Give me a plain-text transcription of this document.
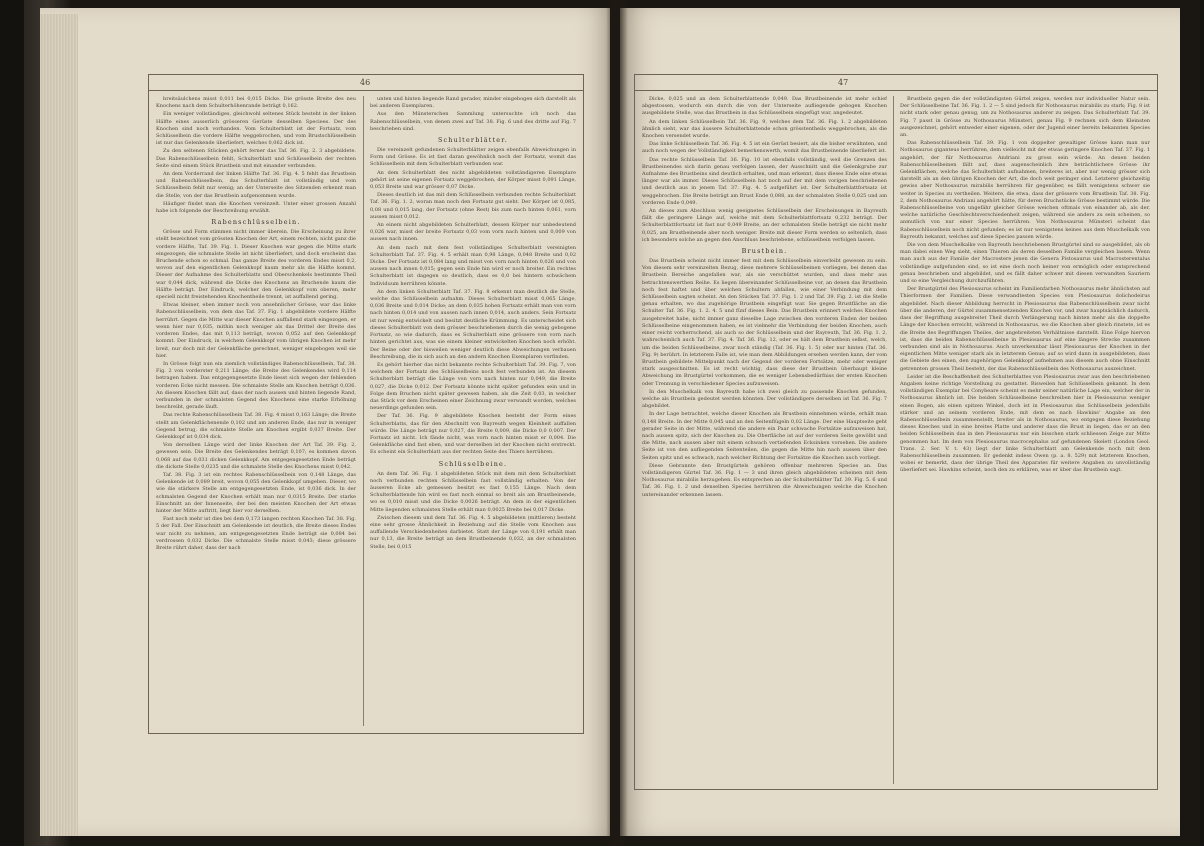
46

breitsäulchens misst 0,011 bei 0,015 Dicke. Die grösste Breite des neu Knochens nach dem Schulterhöhenrande beträgt 0,162.

Ein weniger vollständiges, gleichwohl seltenes Stück besteht in der linken Hälfte eines ausserlich grösseren Gerüste desselben Speciees. Der des Knochen sind noch vorhanden. Vom Schulterblatt ist der Fortsatz, vom Schlüsselbein die vordere Hälfte weggebrochen, und vom Brustschlüsselbein ist nur das Gelenkende überliefert, welches 0,062 dick ist.

Zu den seltenen Stücken gehört ferner das Taf. 36. Fig. 2. 3 abgebildete. Das Rabenschlüsselbein fehlt, Schulterblatt und Schlüsselbein der rechten Seite sind einem Stück Brustbein und mit einander verbunden.

An dem Vorderrand der linken Hälfte Taf. 36. Fig. 4. 5 fehlt das Brustbein und Rabenschlüsselbein, das Schulterblatt ist vollständig und vom Schlüsselbein fehlt nur wenig; an der Unterseite des Sitzenden erkennt man die Stelle, von der das Brustbein aufgenommen wurde.

Häufiger findet man die Knochen vereinzelt. Unter einer grossen Anzahl habe ich folgende der Beschreibung erwählt.

Rabenschlüsselbein.

Grösse und Form stimmen nicht immer überein. Die Erscheinung zu ihrer stellt bezeichnet vom grössten Knochen der Art, einem rechten, nicht ganz die vordere Hälfte, Taf. 39. Fig. 1. Dieser Knochen war gegen die Mitte stark eingezogen; die schmalste Stelle ist nicht überliefert, und doch erscheint das Bruchende schon so schmal. Das ganze Breite des vorderen Endes misst 0,2, wovon auf den eigentlichen Gelenkkopf kaum mehr als die Hälfte kommt. Dieser der Aufnahme des Schulterblatts und Oberschenkels bestimmte Theil war 0,044 dick, während die Dicke des Knochens an Bruchende kaum die Hälfte beträgt. Der Eindruck, welcher den Gelenkkopf vom oberen, mehr speciell nicht freistehenden Knochentheile trennt, ist auffallend gering.

Etwas kleiner, eben immer noch von ansehnlicher Grösse, war das linke Rabenschlüsselbein, von dem das Taf. 37. Fig. 1 abgebildete vordere Hälfte herrührt. Gegen die Mitte war dieser Knochen auffallend stark eingezogen, er wenn hier nur 0,035, mithin noch weniger als das Drittel der Breite des vorderen Endes, das mit 0,113 beträgt, wovon 0,052 auf den Gelenkkopf kommt. Der Eindruck, in welchem Gelenkkopf vom übrigen Knochen ist mehr breit, nur doch mit der Gelenkfläche gerechnet, weniger eingebogen weil sie hier.

In Grösse folgt nun ein ziemlich vollständiges Rabenschlüsselbein, Taf. 38. Fig. 2 von vorderster 0,211 Länge; die Breite des Gelenkendes wird 0,114 betragen haben. Das entgegengesetzte Ende liesst sich wegen der fehlenden vorderen Ecke nicht messen. Die schmalste Stelle am Knochen beträgt 0,036. An diesem Knochen fällt auf, dass der nach aussen und hinten liegende Rand, verbunden in der schmalsten Gegend des Knochens eine starke Erhöhung beschreibt, gerade läuft.

Das rechte Rabenschlüsselbein Taf. 38. Fig. 4 misst 0,163 Länge; die Breite stellt am Gelenkflächenende 0,102 und am anderen Ende, das nur in weniger Gegend betrug, die schmalste Stelle am Knochen ergibt 0,037 Breite. Der Gelenkkopf ist 0,034 dick.

Von derselben Länge wird der linke Knochen der Art Taf. 39. Fig. 2, gewesen sein. Die Breite des Gelenkendes beträgt 0,107; es kommen davon 0,068 auf das 0,031 dicken Gelenkkopf. Am entgegengesetzten Ende beträgt die dickste Stelle 0,0235 und die schmalste Stelle des Knochens misst 0,042.

Taf. 38. Fig. 3 ist ein rechtes Rabenschlüsselbein von 0,148 Länge, das Gelenkende ist 0,089 breit, wovon 0,055 den Gelenkkopf umgeben. Dieser, wo wie die stärkere Stelle am entgegengesetzten Ende, ist 0,036 dick. In der schmalsten Gegend der Knochen erhält man nur 0,0315 Breite. Der starke Einschnitt an der Innenseite, der bei den meisten Knochen der Art etwas hinter der Mitte auftritt, liegt hier vor derselben.

Fast noch mehr ist dies bei dem 0,173 langen rechten Knochen Taf. 38. Fig. 5 der Fall. Der Einschnitt am Gelenkende ist deutlich, die Breite dieses Endes war nicht zu nehmen, am entgegengesetzten Ende beträgt sie 0,084 bei verdrossen 0,032 Dicke. Die schmalste Stelle misst 0,043; diese grössere Breite rührt daher, dass der nach

unten und hinten liegende Rand gerader, minder eingebogen sich darstellt als bei anderen Exemplaren.

Aus den Münsterschen Sammlung untersuchte ich noch das Rabenschlüsselbein, von denen zwei auf Taf. 38. Fig. 6 und des dritte auf Fig. 7 beschrieben sind.

Schulterblätter.

Die vereinzelt gefundenen Schulterblätter zeigen ebenfalls Abweichungen in Form und Grösse. Es ist fast daran gewöhnlich noch der Fortsatz, womit das Schlüsselbein mit dem Schulterblatt verbunden war.

An dem Schulterblatt des nicht abgebildeten vollständigeren Exemplare gehört ist seine eigenen Fortsatz weggebrochen, der Körper misst 0,091 Länge, 0,053 Breite und war grösser 0,07 Dicke.

Dieses deutlich ist das mit dem Schlüsselbein verbunden rechte Schulterblatt Taf. 36. Fig. 1. 2, woran man noch den Fortsatz gut sieht. Der Körper ist 0,085, 0,08 und 0,015 lang, der Fortsatz (ohne Rest) bis zum nach hinten 0,061, vorn aussen misst 0,012.

An einem nicht abgebildeten Schulterblatt, dessen Körper nur unbedeutend 0,026 war, misst der breite Fortsatz 0,03 vom vorn nach hinten und 0,009 von aussen nach innen.

An dem nach mit dem fest vollständiges Schulterblatt vereinigten Schulterblatt Taf. 37. Fig. 4. 5 erhält man 0,98 Länge, 0,048 Breite und 0,02 Dicke. Der Fortsatz ist 0,084 lang und misst von vorn nach hinten 0,026 und von aussen nach innen 0,015; gegen sein Ende hin wird er noch breiter. Ein rechtes Schulterblatt ist dagegen so deutlich, dass es 0,0 bei hintern schwächem Individuum herrühren könnte.

An dem linken Schulterblatt Taf. 37. Fig. 8 erkennt man deutlich die Stelle, welche das Schlüsselbein aufnahm. Dieses Schulterblatt misst 0,065 Länge, 0,036 Breite und 0,014 Dicke; an dem 0,035 hohen Fortsatz erhält man von vorn nach hinten 0,014 und von aussen nach innen 0,014, auch anders. Sein Fortsatz ist nur wenig entwickelt und besitzt deutliche Krümmung. Es unterscheidet sich dieses Schulterblatt von dem grösser beschriebenen durch die wenig gebogene Fortsatz, so wie dadurch, dass es Schulterblatt eine grössere von vorn nach hinten gerichtet aus, was sie einem kleiner entwickelten Knochen noch erhöht. Der Beine oder der bisweilen weniger deutlich diese Abweichungen verbauen Beschreibung, die in sich auch an den andern Knochen Exemplaren vorfinden.

Es gehört hierher das nicht bekannte rechte Schulterblatt Taf. 39. Fig. 7, von welchem der Fortsatz des Schlüsselbeins noch fest verbunden ist. An diesem Schulterblatt beträgt die Länge von vorn nach hinten nur 0,049, die Breite 0,027, die Dicke 0,012. Der Fortsatz könnte nicht später gefunden sein und in Folge dem Bruchen nicht später gewesen haben, als die Zeit 0,03, in welcher das Stück vor dem Erscheinen einer Zeichnung zwar verwandt worden, welches neuerdings gefunden sein.

Der Taf. 36. Fig. 9 abgebildete Knochen besteht der Form eines Schulterblatts, das für den Abschnitt von Bayreuth wegen Kleinheit auffallen würde. Die Länge beträgt nur 0,027, die Breite 0,009, die Dicke 0,0 0,007. Der Fortsatz ist nicht. Ich fände nicht, was vorn nach hinten misst er 0,004. Die Gelenkfläche sind fast eben, und war derselben ist der Knochen nicht erstreckt. Es scheint ein Schulterblatt aus der rechten Seite des Thiers herrühren.

Schlüsselbeine.

An dem Taf. 36. Fig. 1 abgebildeten Stück mit dem mit dem Schulterblatt noch verbunden rechten Schlüsselbein fast vollständig erhalten. Von der äusseren Ecke ab gemessen besitzt es fast 0,155 Länge. Nach dem Schulterblattende hin wird es fast noch einmal so breit als am Brustbeinende, wo es 0,010 misst und die Dicke 0,0026 beträgt. An dem in der eigentlichen Mitte liegenden schmalsten Stelle erhält man 0,0025 Breite bei 0,017 Dicke.

Zwischen diesem und dem Taf. 36. Fig. 4. 5 abgebildeten (mittleren) besteht eine sehr grosse Ähnlichkeit in Beziehung auf die Stelle vom Knochen aus auffallende Verschiedenheiten darbietet. Statt der Länge von 0,191 erhält man nur 0,13, die Breite beträgt an dem Brustbeinende 0,032, an der schmalsten Stelle, bei 0,015

47

Dicke, 0,025 und an dem Schulterblattende 0,049. Das Brustbeinende ist mehr schief abgestossen, wodurch ein durch die von der Unterseite aufliegende gebogen Knochen ausgebildete Stelle, was das Brustbein in das Schlüsselbein eingefügt war, angedeutet.

An dem linken Schlüsselbein Taf. 36. Fig. 9, welches dem Taf. 36. Fig. 1. 2 abgebildeten ähnlich sieht, war das äussere Schulterblattende schon grösstentheils weggebrochen, als die Knochen versendet wurde.

Das linke Schlüsselbein Taf. 36. Fig. 4. 5 ist ein Gerüst besiert, als die bisher erwähnten, und auch noch wegen der Vollständigkeit bemerkenswerth, womit das Brustbeinende überliefert ist.

Das rechte Schlüsselbein Taf. 36. Fig. 10 ist ebenfalls vollständig, weil die Grenzen des Brustbeinendes sich darin genau verfolgen lassen, der Ausschnitt und die Gelenkgrube zur Aufnahme des Brustbeins sind deutlich erhalten, und man erkennt, dass dieses Ende eine etwas länger war als immer. Dieses Schlüsselbein hat noch auf der mit dem vorigen beschriebenen und deutlich aus in jenem Taf. 37. Fig. 4. 5 aufgeführt ist. Der Schulterblattfortsatz ist weggebrochen. Die Breite beträgt am Brust Ende 0,088, an der schmalsten Stelle 0,025 und am vorderen Ende 0,049.

An dieses zum Abschluss wenig geeignetes Schlüsselbein der Erscheinungen in Bayreuth fällt die geringere Länge auf, welche mit dem Schulterblattfortsatz 0,232 beträgt. Der Schulterblattfortsatz ist fast nur 0,049 Breite, an der schmalsten Stelle beträgt sie nicht mehr 0,025, am Brustbeinende aber noch weniger. Breite mit dieser Form werden so seltenlich, dass ich besonders solche an gegen den Anschluss beschriebene, schlüsselbein verfolgen lassen.

Brustbein.

Das Brustbein scheint nicht immer fest mit dem Schlüsselbein einverleibt gewesen zu sein. Von diesem sehr vereinzelten Bezug, diese mehrere Schlüsselbeinen vorliegen, bei denen das Brustbein Bereiche angefallen war, als sie verschüttet wurden, und dass mehr aus betrachtenswerthen Reihe. Es liegen übereinander Schlüsselbeine vor, an denen das Brustbein noch fest haftet und über welchen Schultern abfallen, wie einer Verbindung mit dem Schlüsselbein sagten scheint. An den Stücken Taf. 37. Fig. 1. 2 und Taf. 39. Fig. 2. ist die Stelle genau erhalten, wo das zugehörige Brustbein eingefügt war. Sie gegen Brustfläche an die Schulter Taf. 36. Fig. 1. 2. 4. 5 und fünf dieses Bein. Das Brustbein erinnert welches Knochen ausgebreitet habe, nicht immer ganz dieselbe Lage zwischen den vorderen Enden der beiden Schlüsselbeine eingenommen haben, es ist vielmehr die Verbindung der beiden Knochen, auch einer reicht vorherrschend, als auch so der Schlüsselbein und der Bayreuth, Taf. 36. Fig. 1. 2, wahrscheinlich auch Taf. 37. Fig. 4. Taf. 36. Fig. 12, oder es hält dem Brustbein selbst, welch, um die beiden Schlüsselbeine, zwar noch ständig (Taf. 36. Fig. 1. 5) oder nur hinten (Taf. 36. Fig. 9) berührt. In letzterem Falle ist, wie man dem Abbildungen ersehen werden kann, der vom Brustbein gebildete Mittelpunkt nach der Gegend der vorderen Fortsätze, mehr oder weniger stark ausgeschnitten. Es ist recht wichtig, dass diese der Brustbein überhaupt kleine Abweichung im Brustgürtel vorkommen, die es weniger Lebensbedürfniss der ersten Knochen oder Trennung in verschiedener Species aufzuweisen.

In den Muschelkalk von Bayreuth habe ich zwei gleich zu passende Knochen gefunden, welche als Brustbein gedeutet werden könnten. Der vollständigere derselben ist Taf. 36. Fig. 7 abgebildet.

In der Lage betrachtet, welche dieser Knochen als Brustbein einnehmen würde, erhält man 0,148 Breite. In der Mitte 0,045 und an den Seitenflügeln 0,02 Länge. Der eine Hauptseite geht gerader Seite in der Mitte, während die andere ein Paar schwache Fortsätze aufzuweisen hat, nach aussen spitz, sich der Knochen zu. Die Oberfläche ist auf der vorderen Seite gewölbt und die Mitte, nach aussen aber mit einem schwach vertiefenden Ecksinken vorsehen. Die andere Seite ist von den aufliegenden Seitenteilen, die gegen die Mitte hin nach aussen über den Seiten spitz und es schwach, nach welcher Richtung der Fortsätze die Knochen auch vorliegt.

Diese Gebrannte den Brustgürtels gehören offenbar mehreren Species an. Das vollständigeren Gürtel Taf. 36. Fig. 1 — 3 und ihren gleich abgebildeten scheinen mit dem Nothosaurus mirabilis herzugehen. Es entsprechen an der Schulterblätter Taf. 39. Fig. 5. 6 und Taf. 36. Fig. 1. 2 und denselben Species herrühren die Abweichungen welche die Knochen untereinander erkennen lassen.

Brustbein gegen die der vollständigsten Gürtel zeigen, werden nur individueller Natur sein. Der Schlüsselbeine Taf. 36. Fig. 1. 2 — 5 sind jedoch für Nothosaurus mirabilis zu stark; Fig. 8 ist nicht stark oder genau genug, um zu Nothosaurus anderer zu zeigen. Das Schulterblatt Taf. 39. Fig. 7 passt in Grösse zu Nothosaurus Münsteri, genau Fig. 9 rechnen sich dem Kleinsten ausgezeichnet, gehört entweder einer eigenen, oder der Jugend einer bereits bekannten Species an.

Das Rabenschlüsselbein Taf. 39. Fig. 1 von doppelter gewaltiger Grösse kann man nur Nothosaurus giganteus herrühren, dem vielleicht mit der etwas geringere Knochen Taf. 37. Fig. 1 angehört, der für Nothosaurus Andriani zu gross sein würde. An denen beiden Rabenschlüsselbeinen fällt auf, dass augenscheinlich ihre beträchtlichere Grösse ihr Gelenkflächen, welche das Schulterblatt aufnahmen, breiteres ist, aber nur wenig grösser sich darstellt als an den übrigen Knochen der Art, die doch weit geringer sind. Letzterer gleichzeitig gewiss aber Nothosaurus mirabilis herrühren für gegenüber, es fällt wenigstens schwer sie weiter in Species zu vertheilen. Weitere, die etwa, dass der grössere vom Brustbein Taf. 38. Fig. 2, dem Nothosaurus Andriani angehört hätte, für deren Bruchstücke Grösse bestimmt würde. Die Rabenschlüsselbeine von ungefähr gleicher Grösse weichen oftmals von einander ab, als der, welche natürliche Geschlechtsverschiedenheit zeigen, während sie anders zu sein scheinen, so anmutlich von nur einer Species herrühren. Von Nothosaurus Münsteri scheint das Rabenschlüsselbein noch nicht gefunden; es ist nur wenigstens keines aus dem Muschelkalk von Bayreuth bekannt, welches auf diese Species passen würde.

Die von dem Muschelkalke von Bayreuth beschriebenen Brustgürtel sind so ausgebildet, als ob man dabei einen Weg sieht, einen Thieren als deren desselben Familie vergleichen lassen. Wenn man auch aus der Familie der Macrostere jenen die Genera Pistosaurus und Macrosterentalus vollständige aufgefunden sind, so ist eine doch noch keiner von ermöglich oder entsprechend genau beschrieben und abgebildet, und es fällt daher schwer mit diesen verwandten Sauriern und so eine Vergleichung durchzuführen.

Der Brustgürtel des Plesiosaurus scheint im Familienfarben Nothosaurus mehr ähnlichsten auf Thierformen der Familien. Diese verwandtesten Species von Plesiosaurus dolichodeirus abgebildet. Nach dieser Abbildung herrscht in Plesiosaurus das Rabenschlüsselbein zwar nicht über die anderen, der Gürtel zusammensetzenden Knochen vor, und zwar hauptsächlich dadurch, dass der Begriffung ausgebreitet Theil durch Verlängerung nach hinten mehr als die doppelte Länge der Knochen erreicht, während in Nothosaurus, wo die Knochen aber gleich rinstete, ist es die Breite des Begriffungen Theiles, der angebreiteten Verhältnisse darstellt. Eine Folge hiervon ist, dass die beiden Rabenschlüsselbeine in Plesiosaurus auf eine längere Strecke zusammen verbunden sind als in Nothosaurus. Auch unverkennbar lässt Plesiosaurus der Knochen in der eigentlichen Mitte weniger stark als in letzterem Genus; auf so wird dann in ausgebildeten, dass die Gebiete des einen, den zugehörigen Gelenkkopf aufnehmen aus diesem auch ohne Einschnitt getrennten grossen Theil besteht, der das Rabenschlüsselbein des Nothosaurus auszeichnet.

Leider ist die Beschaffenheit des Schulterblattes von Plesiosaurus zwar aus den beschriebenen Angaben keine richtige Vorstellung zu gestattet. Bisweilen hat Schlüsselbein gekannt. In dem vollständigen Exemplar bei Conybeare scheint es mehr seiner natürliche Lage ein, welcher der in Nothosaurus ähnlich ist. Die beiden Schlüsselbeine beschreiben hier in Plesiosaurus weniger einen Bogen, als einen spitzen Winkel, doch ist in Plesiosaurus das Schlüsselbein jedenfalls stärker und an seinem vorderen Ende, mit dem es nach Hawkins' Angabe an den Rabenschlüsselbein zusammenstellt, breiter als in Nothosaurus, wo entgegen diese Beziehung dieses Kneches und in eine breites Platte und anderer dass die Brust in liegen, das er an den beiden Schlüsselbein das in den Plesiosaurus nur ein bisschen stark schliessen Zeige zur Mitte genommen hat. Im dem von Plesiosaurus macrocephalus auf gefundenen Skelett (London Geol. Trans. 2. Ser. V. t. 43) liegt der linke Schulterblatt am Gelenkende noch mit dem Rabenschlüsselbein zusammen. Er gedenkt indess Owen (p. a. 8. 529) mit letzterem Knochen, wobei er bemerkt, dass der übrige Theil des Apparates für weitere Angaben zu unvollständig überliefert sei. Hawkins scheint, noch den zu erklären, was er über das Brustbein sagt.
